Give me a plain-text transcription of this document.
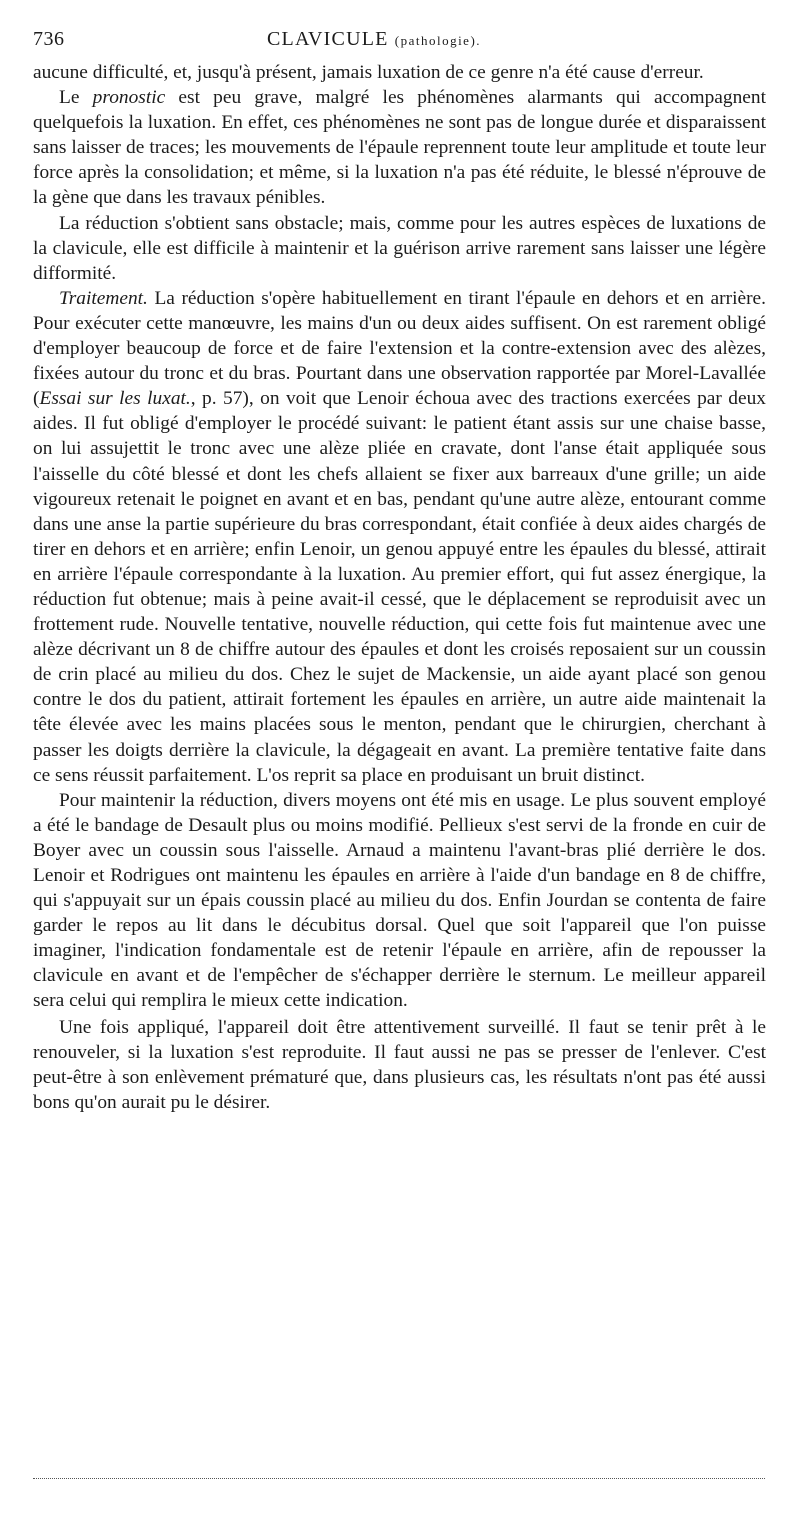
736	CLAVICULE (pathologie).

aucune difficulté, et, jusqu'à présent, jamais luxation de ce genre n'a été cause d'erreur.

Le pronostic est peu grave, malgré les phénomènes alarmants qui accompagnent quelquefois la luxation. En effet, ces phénomènes ne sont pas de longue durée et disparaissent sans laisser de traces; les mouvements de l'épaule reprennent toute leur amplitude et toute leur force après la consolidation; et même, si la luxation n'a pas été réduite, le blessé n'éprouve de la gène que dans les travaux pénibles.

La réduction s'obtient sans obstacle; mais, comme pour les autres espèces de luxations de la clavicule, elle est difficile à maintenir et la guérison arrive rarement sans laisser une légère difformité.

Traitement. La réduction s'opère habituellement en tirant l'épaule en dehors et en arrière. Pour exécuter cette manœuvre, les mains d'un ou deux aides suffisent. On est rarement obligé d'employer beaucoup de force et de faire l'extension et la contre-extension avec des alèzes, fixées autour du tronc et du bras. Pourtant dans une observation rapportée par Morel-Lavallée (Essai sur les luxat., p. 57), on voit que Lenoir échoua avec des tractions exercées par deux aides. Il fut obligé d'employer le procédé suivant: le patient étant assis sur une chaise basse, on lui assujettit le tronc avec une alèze pliée en cravate, dont l'anse était appliquée sous l'aisselle du côté blessé et dont les chefs allaient se fixer aux barreaux d'une grille; un aide vigoureux retenait le poignet en avant et en bas, pendant qu'une autre alèze, entourant comme dans une anse la partie supérieure du bras correspondant, était confiée à deux aides chargés de tirer en dehors et en arrière; enfin Lenoir, un genou appuyé entre les épaules du blessé, attirait en arrière l'épaule correspondante à la luxation. Au premier effort, qui fut assez énergique, la réduction fut obtenue; mais à peine avait-il cessé, que le déplacement se reproduisit avec un frottement rude. Nouvelle tentative, nouvelle réduction, qui cette fois fut maintenue avec une alèze décrivant un 8 de chiffre autour des épaules et dont les croisés reposaient sur un coussin de crin placé au milieu du dos. Chez le sujet de Mackensie, un aide ayant placé son genou contre le dos du patient, attirait fortement les épaules en arrière, un autre aide maintenait la tête élevée avec les mains placées sous le menton, pendant que le chirurgien, cherchant à passer les doigts derrière la clavicule, la dégageait en avant. La première tentative faite dans ce sens réussit parfaitement. L'os reprit sa place en produisant un bruit distinct.

Pour maintenir la réduction, divers moyens ont été mis en usage. Le plus souvent employé a été le bandage de Desault plus ou moins modifié. Pellieux s'est servi de la fronde en cuir de Boyer avec un coussin sous l'aisselle. Arnaud a maintenu l'avant-bras plié derrière le dos. Lenoir et Rodrigues ont maintenu les épaules en arrière à l'aide d'un bandage en 8 de chiffre, qui s'appuyait sur un épais coussin placé au milieu du dos. Enfin Jourdan se contenta de faire garder le repos au lit dans le décubitus dorsal. Quel que soit l'appareil que l'on puisse imaginer, l'indication fondamentale est de retenir l'épaule en arrière, afin de repousser la clavicule en avant et de l'empêcher de s'échapper derrière le sternum. Le meilleur appareil sera celui qui remplira le mieux cette indication.

Une fois appliqué, l'appareil doit être attentivement surveillé. Il faut se tenir prêt à le renouveler, si la luxation s'est reproduite. Il faut aussi ne pas se presser de l'enlever. C'est peut-être à son enlèvement prématuré que, dans plusieurs cas, les résultats n'ont pas été aussi bons qu'on aurait pu le désirer.
